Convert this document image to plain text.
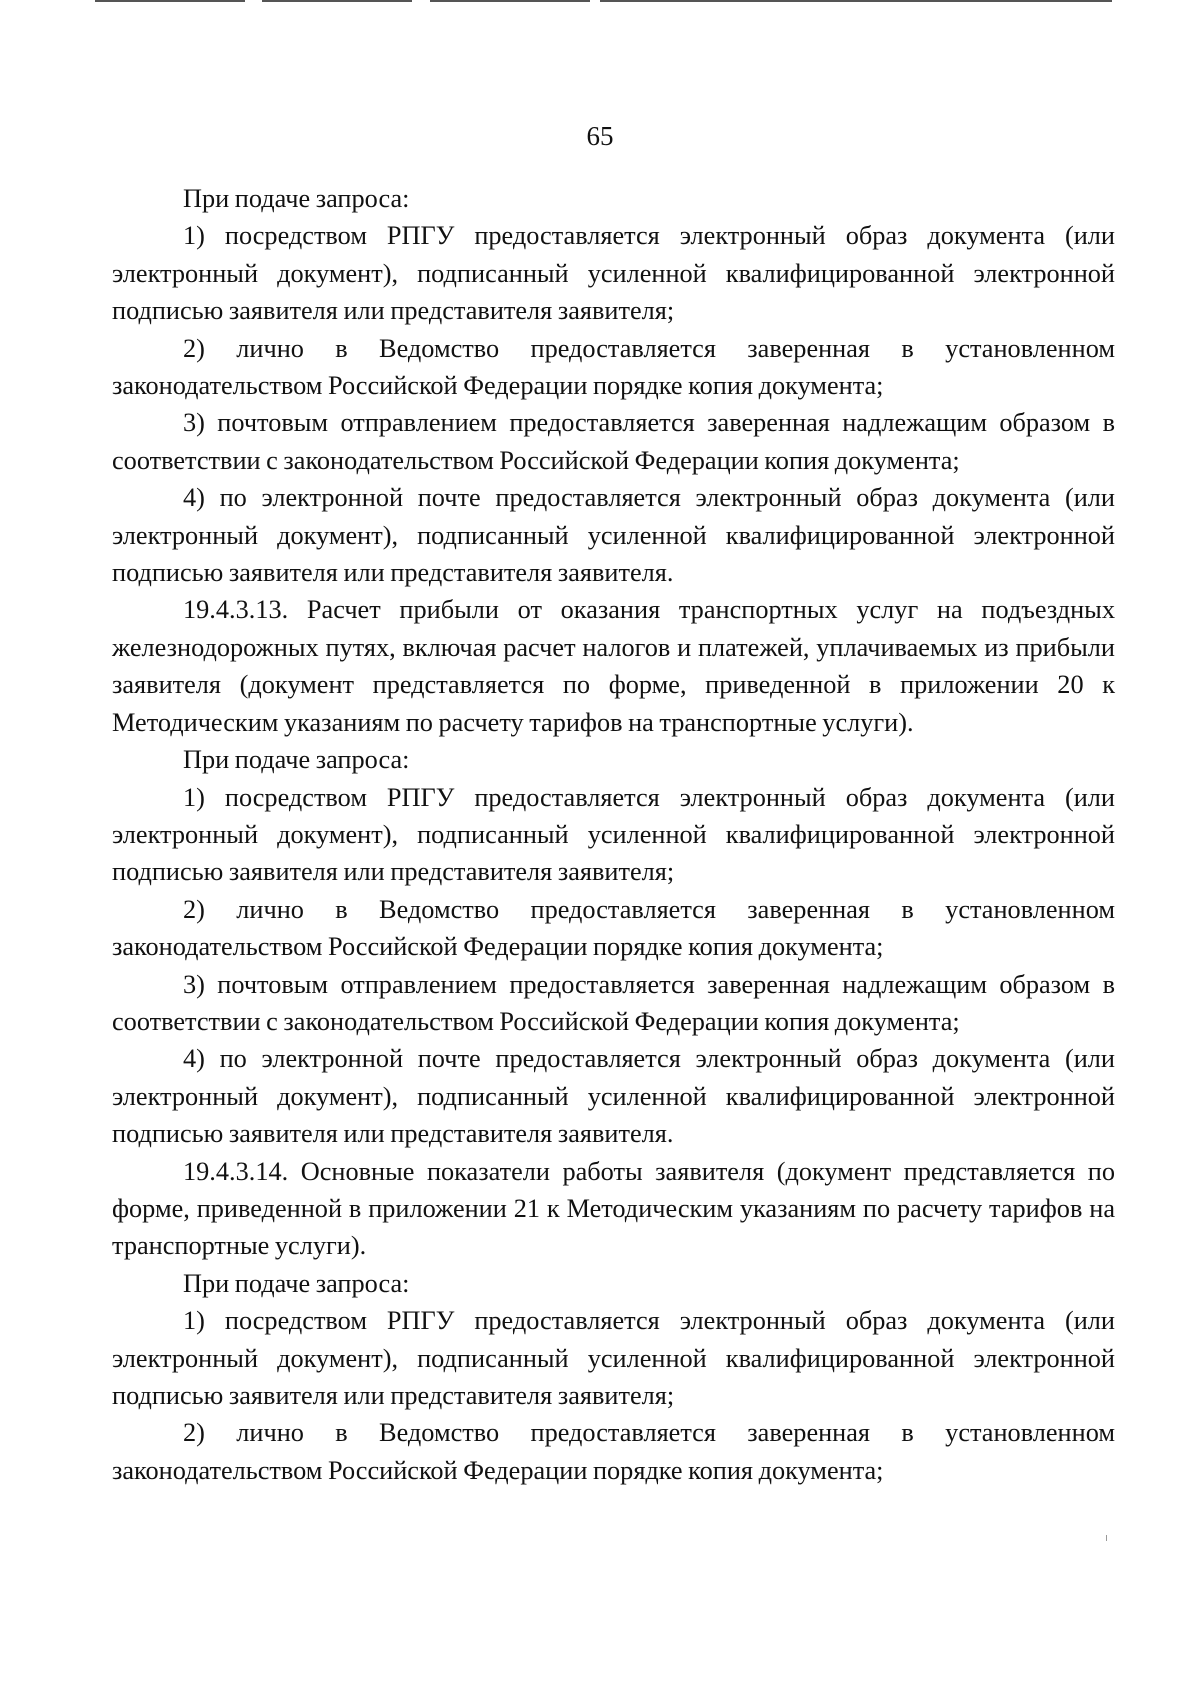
65

При подаче запроса:

1) посредством РПГУ предоставляется электронный образ документа (или электронный документ), подписанный усиленной квалифицированной электронной подписью заявителя или представителя заявителя;

2) лично в Ведомство предоставляется заверенная в установленном законодательством Российской Федерации порядке копия документа;

3) почтовым отправлением предоставляется заверенная надлежащим образом в соответствии с законодательством Российской Федерации копия документа;

4) по электронной почте предоставляется электронный образ документа (или электронный документ), подписанный усиленной квалифицированной электронной подписью заявителя или представителя заявителя.

19.4.3.13. Расчет прибыли от оказания транспортных услуг на подъездных железнодорожных путях, включая расчет налогов и платежей, уплачиваемых из прибыли заявителя (документ представляется по форме, приведенной в приложении 20 к Методическим указаниям по расчету тарифов на транспортные услуги).

При подаче запроса:

1) посредством РПГУ предоставляется электронный образ документа (или электронный документ), подписанный усиленной квалифицированной электронной подписью заявителя или представителя заявителя;

2) лично в Ведомство предоставляется заверенная в установленном законодательством Российской Федерации порядке копия документа;

3) почтовым отправлением предоставляется заверенная надлежащим образом в соответствии с законодательством Российской Федерации копия документа;

4) по электронной почте предоставляется электронный образ документа (или электронный документ), подписанный усиленной квалифицированной электронной подписью заявителя или представителя заявителя.

19.4.3.14. Основные показатели работы заявителя (документ представляется по форме, приведенной в приложении 21 к Методическим указаниям по расчету тарифов на транспортные услуги).

При подаче запроса:

1) посредством РПГУ предоставляется электронный образ документа (или электронный документ), подписанный усиленной квалифицированной электронной подписью заявителя или представителя заявителя;

2) лично в Ведомство предоставляется заверенная в установленном законодательством Российской Федерации порядке копия документа;
